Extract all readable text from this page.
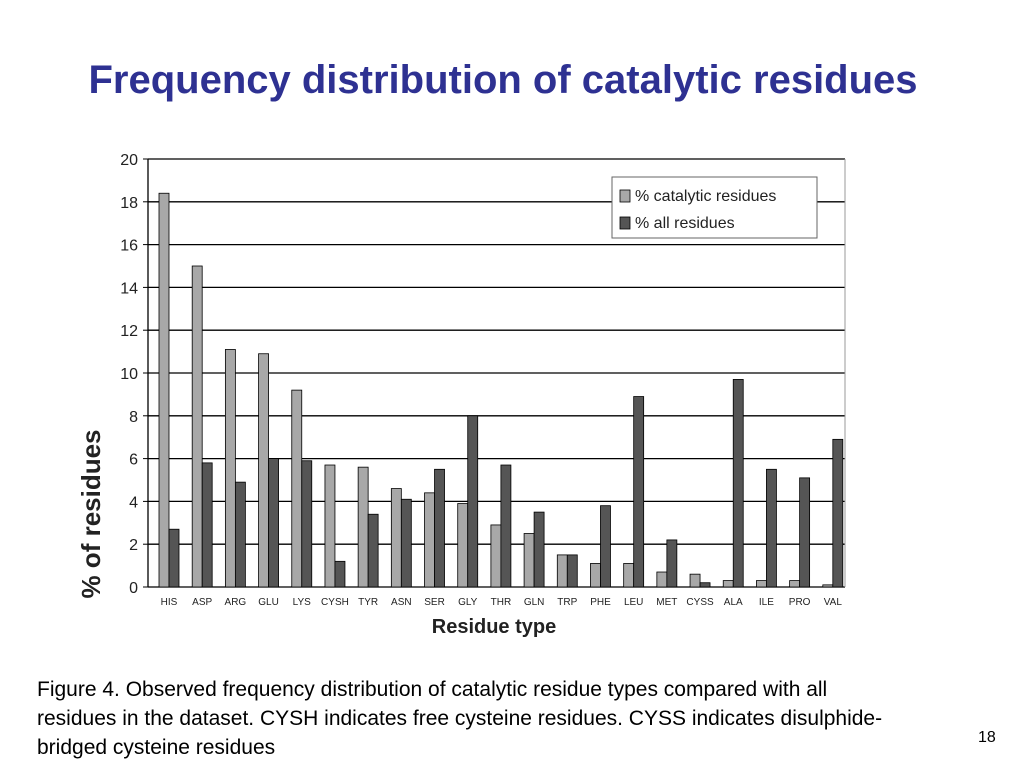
Frequency distribution of catalytic residues
0
2
4
6
8
10
12
14
16
18
20
HIS ASP ARG GLU LYS CYSH TYR ASN SER GLY THR GLN TRP PHE LEU MET CYSS ALA ILE PRO VAL
% catalytic residues
% all residues
% of residues
Residue type

Figure 4. Observed frequency distribution of catalytic residue types compared with all residues in the dataset. CYSH indicates free cysteine residues. CYSS indicates disulphide-bridged cysteine residues	18
